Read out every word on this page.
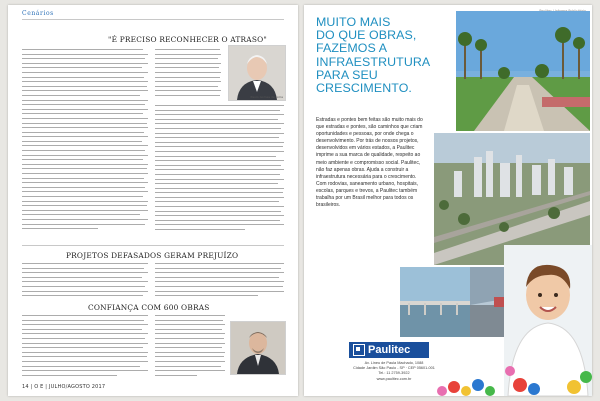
Cenários
"É PRECISO RECONHECER O ATRASO"
Paulo Gomes de Lima
PROJETOS DEFASADOS GERAM PREJUÍZO
CONFIANÇA COM 600 OBRAS
14 | O E | JULHO/AGOSTO 2017
MUITO MAIS
DO QUE OBRAS,
FAZEMOS A
INFRAESTRUTURA
PARA SEU
CRESCIMENTO.
Estradas e pontes bem feitas são muito mais do que estradas e pontes, são caminhos que criam oportunidades e pessoas, por onde chega o desenvolvimento. Por trás de nossos projetos, desenvolvidos em vários estados, a Paulitec imprime a sua marca de qualidade, respeito ao meio ambiente e compromisso social. Paulitec, não faz apenas obras. Ajuda a construir a infraestrutura necessária para o crescimento. Com rodovias, saneamento urbano, hospitais, escolas, parques e trevos, a Paulitec também trabalha por um Brasil melhor para todos os brasileiros.
Paulitec
Av. Lineu de Paula Machado, 1088
Cidade Jardim São Paulo - SP · CEP 05601-001
Tel.: 11 2759-3922
www.paulitec.com.br
